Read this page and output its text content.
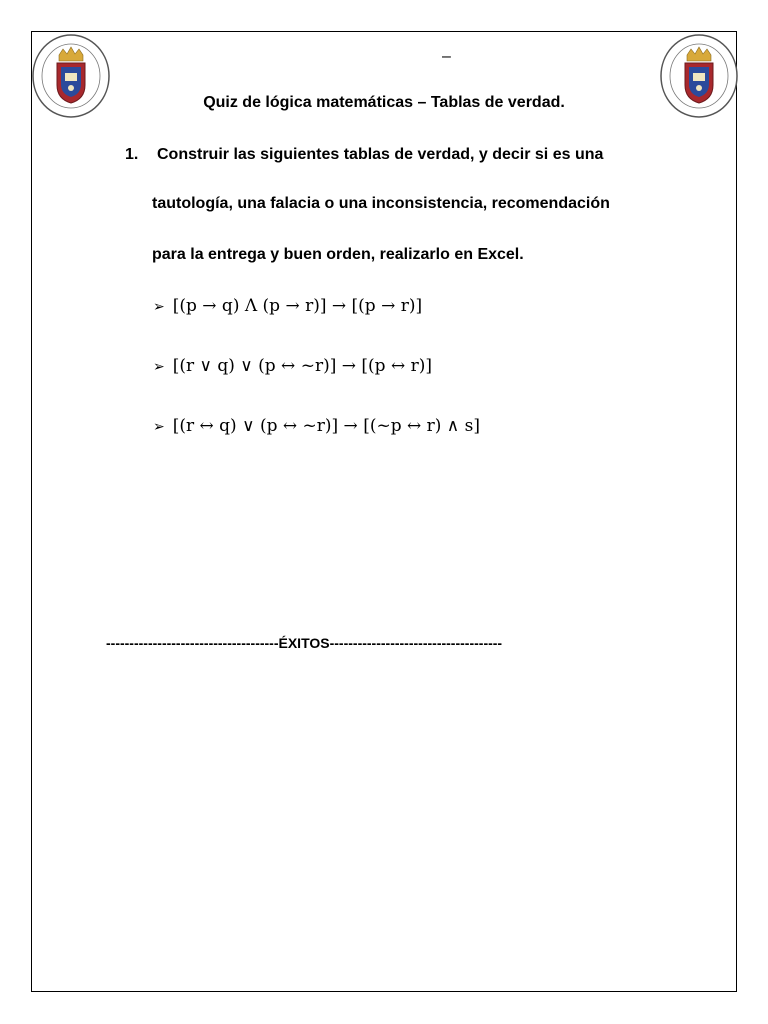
–
Quiz de lógica matemáticas – Tablas de verdad.
1. Construir las siguientes tablas de verdad, y decir si es una
tautología, una falacia o una inconsistencia, recomendación
para la entrega y buen orden, realizarlo en Excel.
➢ [(p → q) Λ (p → r)] → [(p → r)]
➢ [(r ∨ q) ∨ (p ↔ ~r)] → [(p ↔ r)]
➢ [(r ↔ q) ∨ (p ↔ ~r)] → [(~p ↔ r) ∧ s]
-------------------------------------ÉXITOS-------------------------------------
